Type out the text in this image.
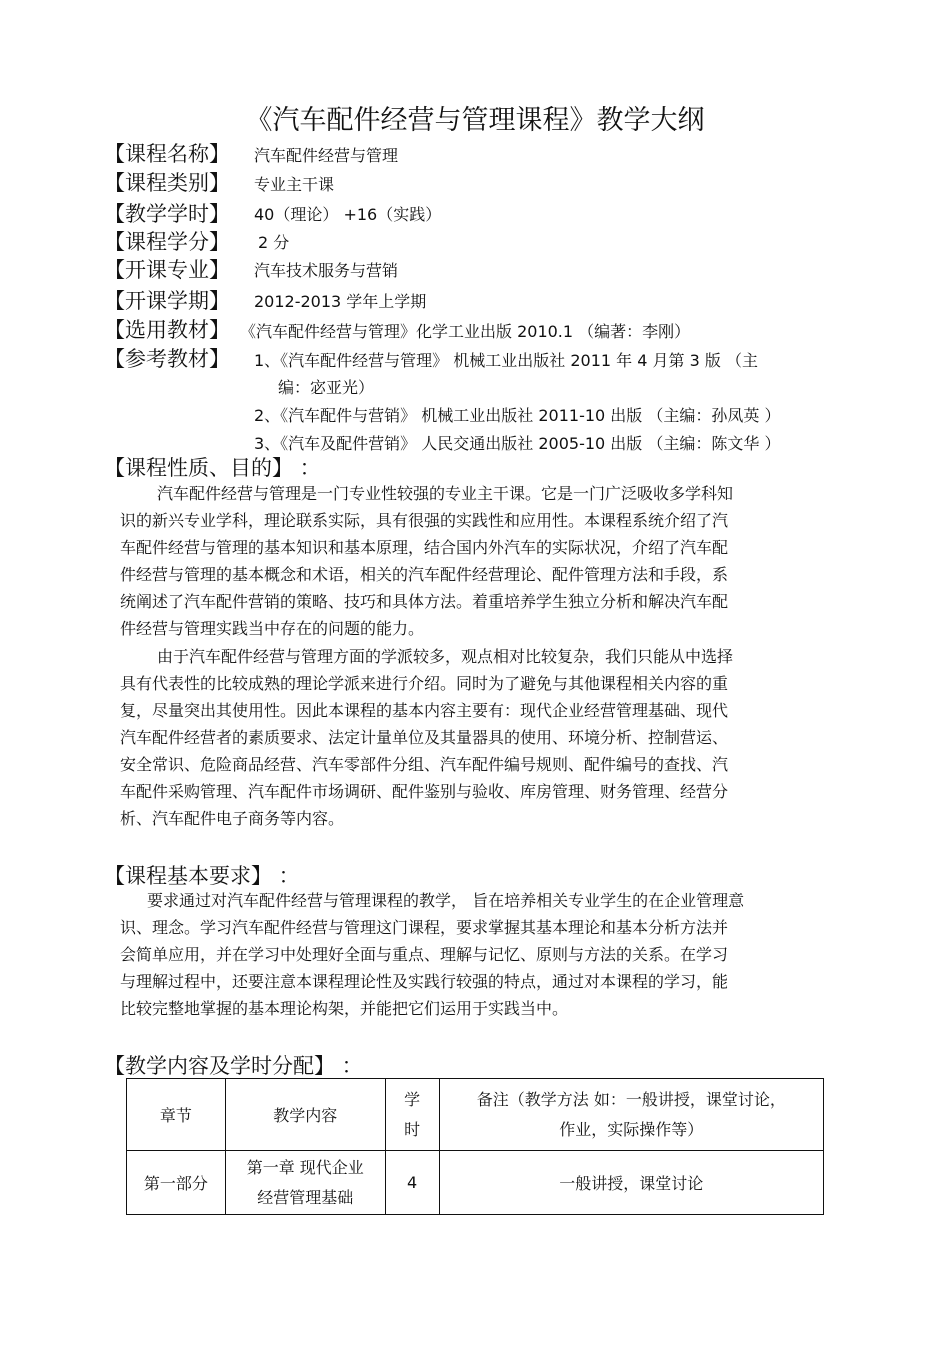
《汽车配件经营与管理课程》教学大纲
【课程名称】 汽车配件经营与管理
【课程类别】 专业主干课
【教学学时】 40（理论） +16（实践）
【课程学分】 2 分
【开课专业】 汽车技术服务与营销
【开课学期】 2012-2013 学年上学期
【选用教材】 《汽车配件经营与管理》化学工业出版 2010.1 （编著：李刚）
【参考教材】 1、《汽车配件经营与管理》 机械工业出版社 2011 年 4 月第 3 版 （主
编：宓亚光）
2、《汽车配件与营销》 机械工业出版社 2011-10 出版 （主编：孙凤英 ）
3、《汽车及配件营销》 人民交通出版社 2005-10 出版 （主编：陈文华 ）
【课程性质、目的】 ：
汽车配件经营与管理是一门专业性较强的专业主干课。它是一门广泛吸收多学科知
识的新兴专业学科，理论联系实际，具有很强的实践性和应用性。本课程系统介绍了汽
车配件经营与管理的基本知识和基本原理，结合国内外汽车的实际状况，介绍了汽车配
件经营与管理的基本概念和术语，相关的汽车配件经营理论、配件管理方法和手段，系
统阐述了汽车配件营销的策略、技巧和具体方法。着重培养学生独立分析和解决汽车配
件经营与管理实践当中存在的问题的能力。
由于汽车配件经营与管理方面的学派较多，观点相对比较复杂，我们只能从中选择
具有代表性的比较成熟的理论学派来进行介绍。同时为了避免与其他课程相关内容的重
复，尽量突出其使用性。因此本课程的基本内容主要有：现代企业经营管理基础、现代
汽车配件经营者的素质要求、法定计量单位及其量器具的使用、环境分析、控制营运、
安全常识、危险商品经营、汽车零部件分组、汽车配件编号规则、配件编号的查找、汽
车配件采购管理、汽车配件市场调研、配件鉴别与验收、库房管理、财务管理、经营分
析、汽车配件电子商务等内容。
【课程基本要求】 ：
要求通过对汽车配件经营与管理课程的教学， 旨在培养相关专业学生的在企业管理意
识、理念。学习汽车配件经营与管理这门课程，要求掌握其基本理论和基本分析方法并
会简单应用，并在学习中处理好全面与重点、理解与记忆、原则与方法的关系。在学习
与理解过程中，还要注意本课程理论性及实践行较强的特点，通过对本课程的学习，能
比较完整地掌握的基本理论构架，并能把它们运用于实践当中。
【教学内容及学时分配】 ：
章节	教学内容	学
时	备注（教学方法 如：一般讲授，课堂讨论，
作业，实际操作等）

第一部分	第一章 现代企业
经营管理基础	4	一般讲授，课堂讨论
